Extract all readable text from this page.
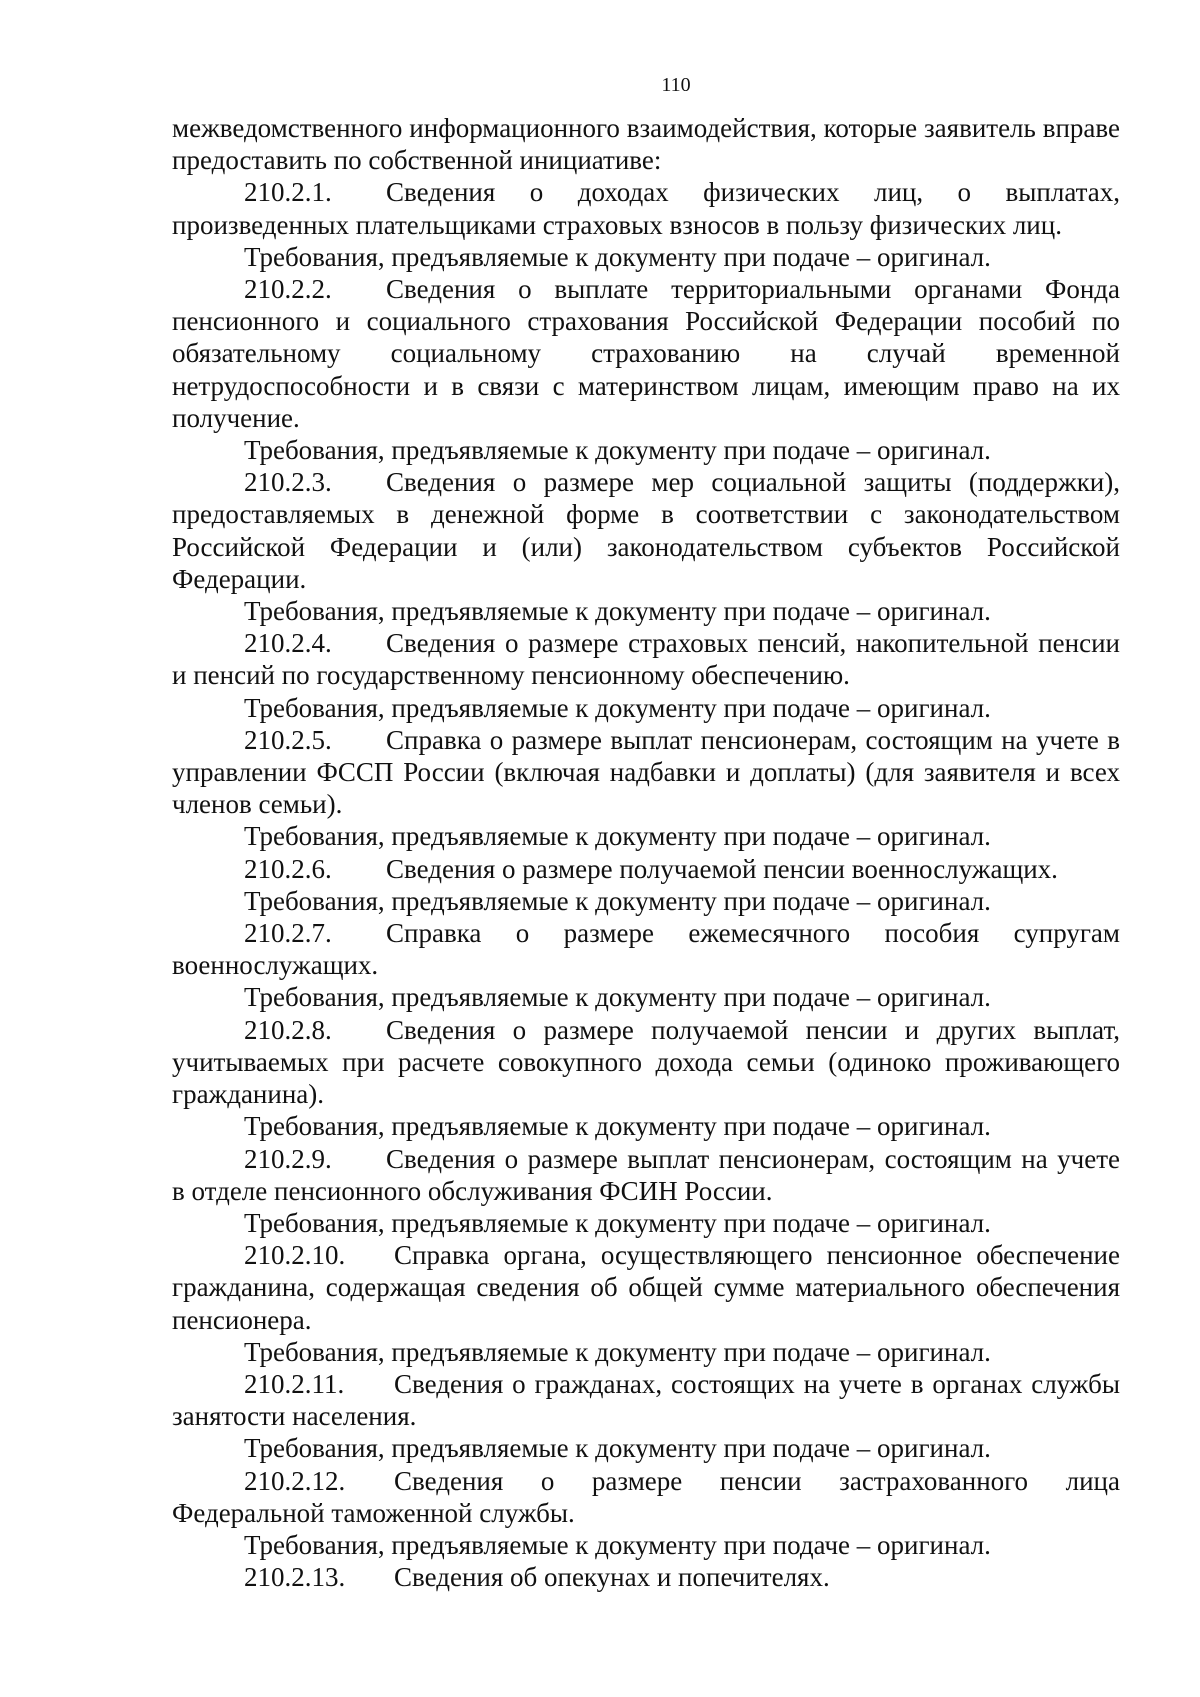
110

межведомственного информационного взаимодействия, которые заявитель вправе предоставить по собственной инициативе:

210.2.1. Сведения о доходах физических лиц, о выплатах, произведенных плательщиками страховых взносов в пользу физических лиц.

Требования, предъявляемые к документу при подаче – оригинал.

210.2.2. Сведения о выплате территориальными органами Фонда пенсионного и социального страхования Российской Федерации пособий по обязательному социальному страхованию на случай временной нетрудоспособности и в связи с материнством лицам, имеющим право на их получение.

Требования, предъявляемые к документу при подаче – оригинал.

210.2.3. Сведения о размере мер социальной защиты (поддержки), предоставляемых в денежной форме в соответствии с законодательством Российской Федерации и (или) законодательством субъектов Российской Федерации.

Требования, предъявляемые к документу при подаче – оригинал.

210.2.4. Сведения о размере страховых пенсий, накопительной пенсии и пенсий по государственному пенсионному обеспечению.

Требования, предъявляемые к документу при подаче – оригинал.

210.2.5. Справка о размере выплат пенсионерам, состоящим на учете в управлении ФССП России (включая надбавки и доплаты) (для заявителя и всех членов семьи).

Требования, предъявляемые к документу при подаче – оригинал.

210.2.6. Сведения о размере получаемой пенсии военнослужащих.

Требования, предъявляемые к документу при подаче – оригинал.

210.2.7. Справка о размере ежемесячного пособия супругам военнослужащих.

Требования, предъявляемые к документу при подаче – оригинал.

210.2.8. Сведения о размере получаемой пенсии и других выплат, учитываемых при расчете совокупного дохода семьи (одиноко проживающего гражданина).

Требования, предъявляемые к документу при подаче – оригинал.

210.2.9. Сведения о размере выплат пенсионерам, состоящим на учете в отделе пенсионного обслуживания ФСИН России.

Требования, предъявляемые к документу при подаче – оригинал.

210.2.10. Справка органа, осуществляющего пенсионное обеспечение гражданина, содержащая сведения об общей сумме материального обеспечения пенсионера.

Требования, предъявляемые к документу при подаче – оригинал.

210.2.11. Сведения о гражданах, состоящих на учете в органах службы занятости населения.

Требования, предъявляемые к документу при подаче – оригинал.

210.2.12. Сведения о размере пенсии застрахованного лица Федеральной таможенной службы.

Требования, предъявляемые к документу при подаче – оригинал.

210.2.13. Сведения об опекунах и попечителях.
